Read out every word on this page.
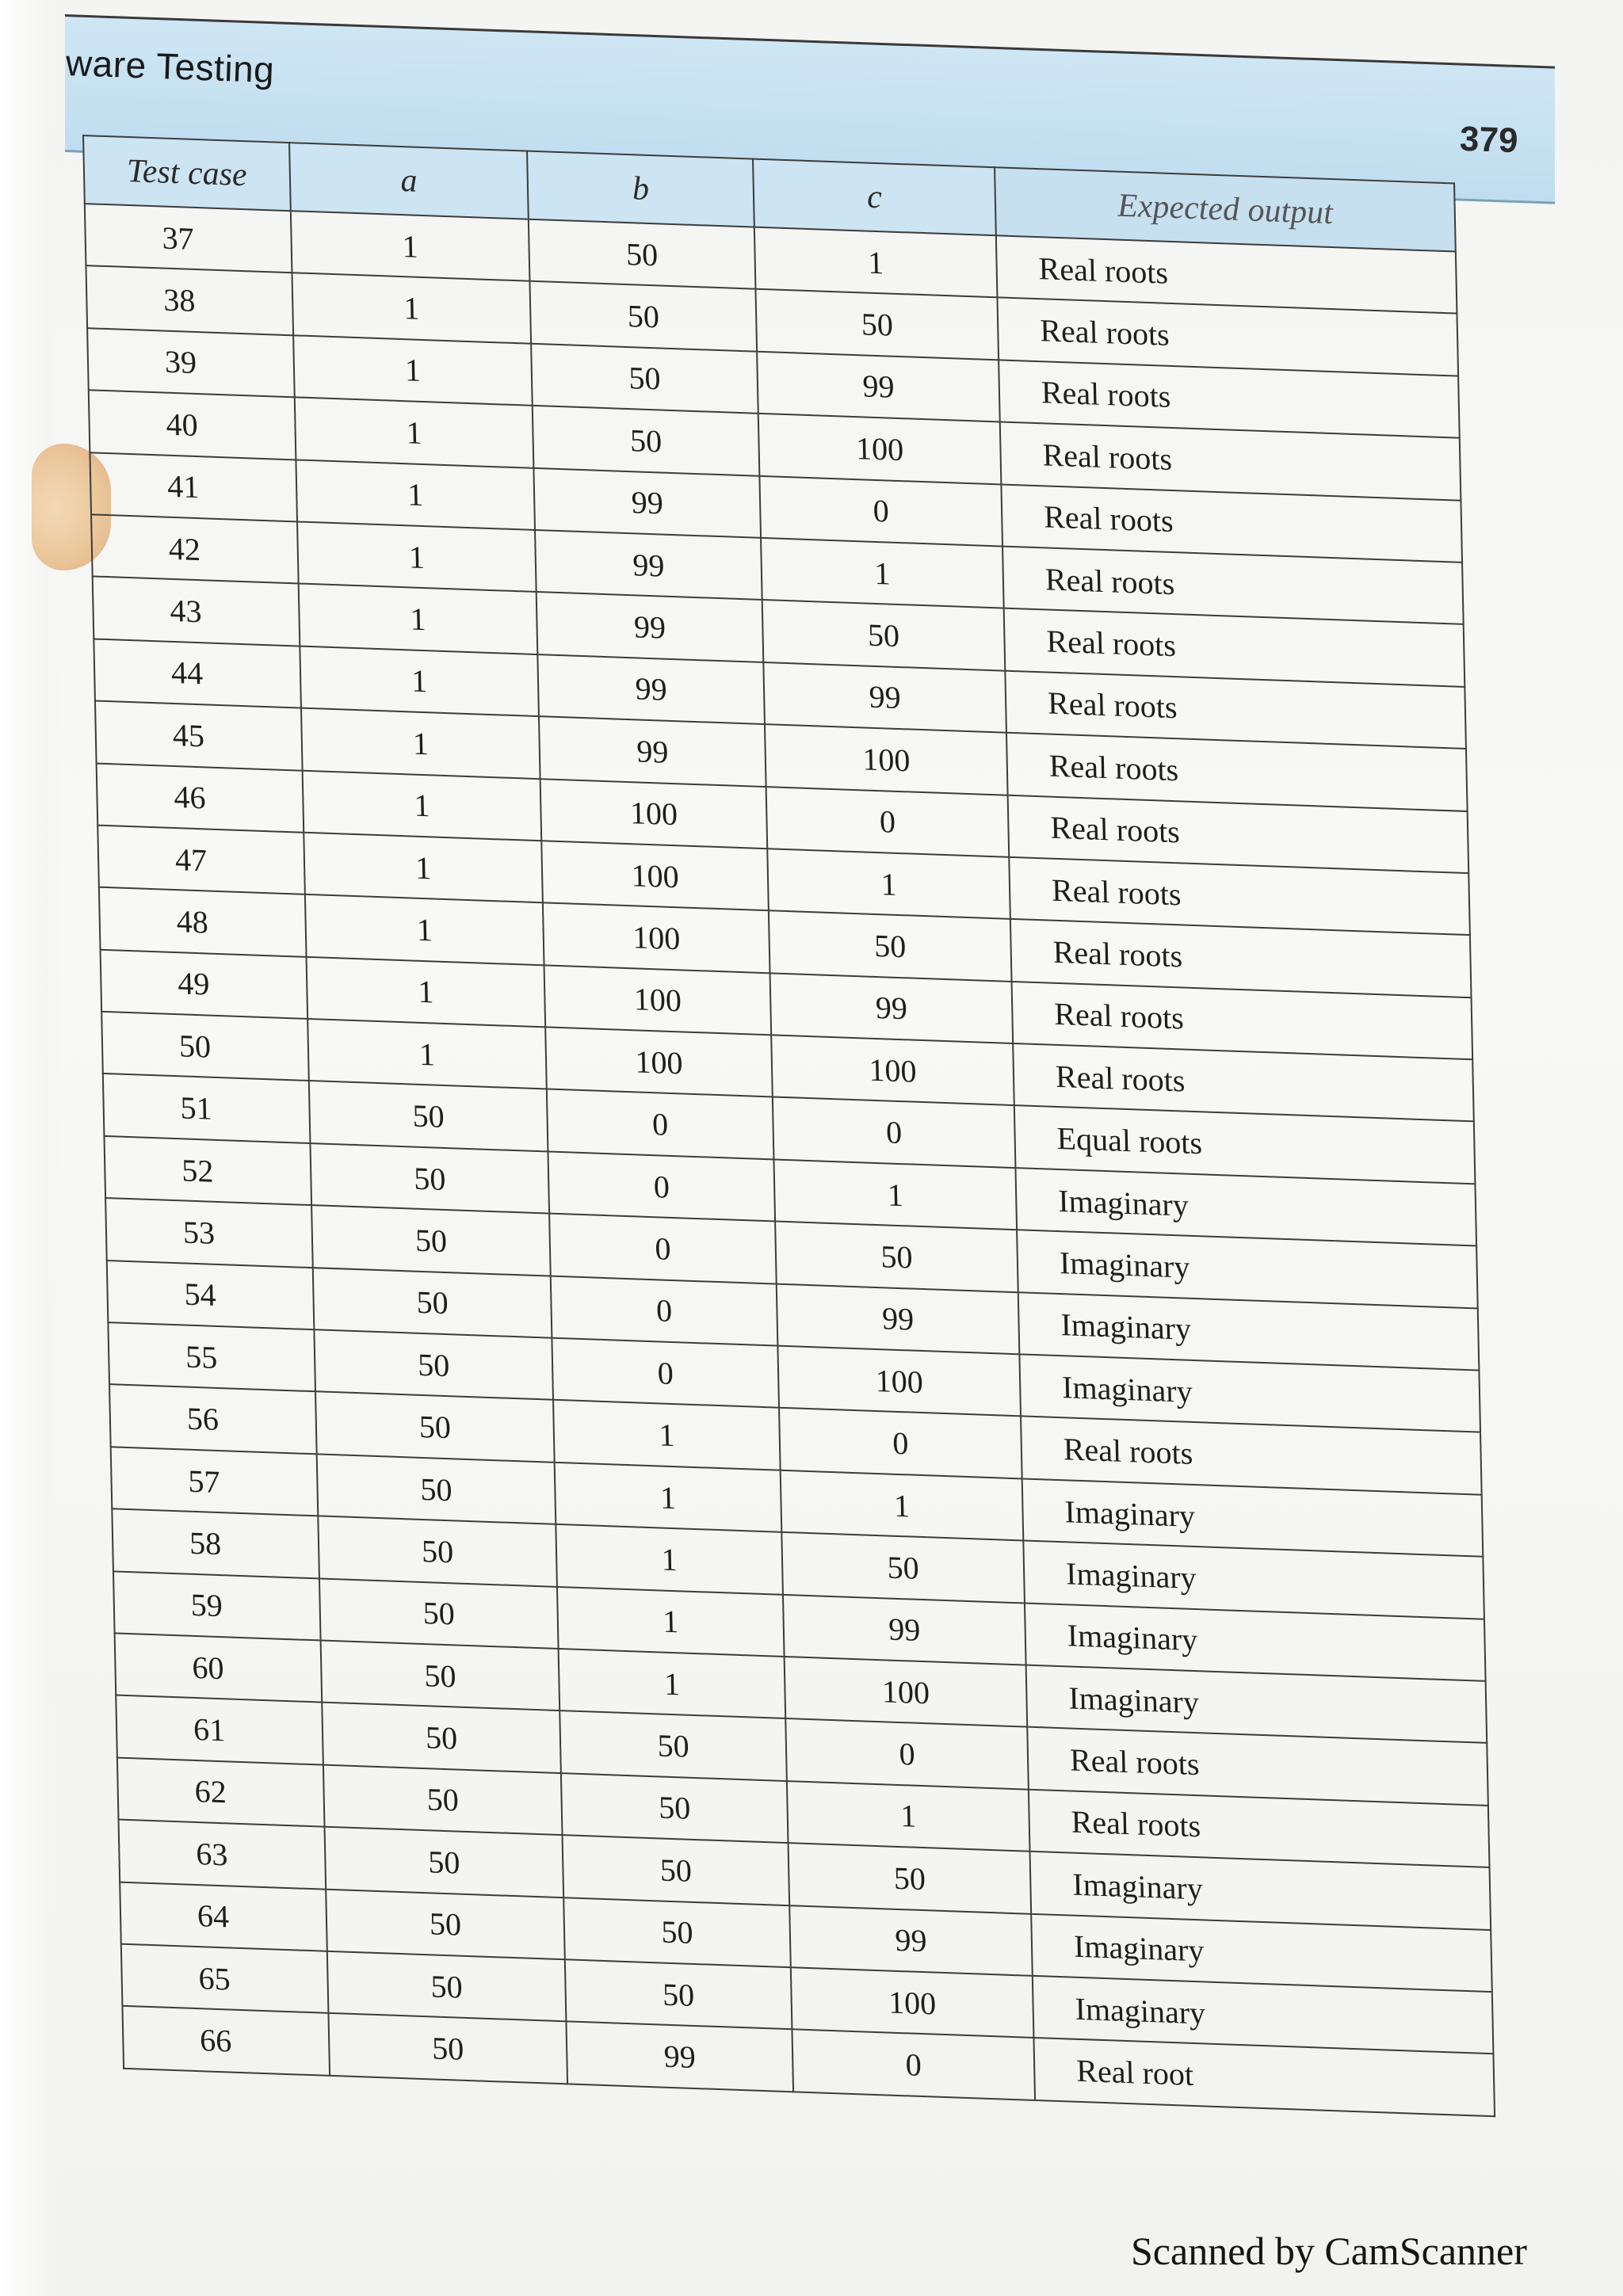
ware Testing
379
Test case	a	b	c	Expected output
37	1	50	1	Real roots
38	1	50	50	Real roots
39	1	50	99	Real roots
40	1	50	100	Real roots
41	1	99	0	Real roots
42	1	99	1	Real roots
43	1	99	50	Real roots
44	1	99	99	Real roots
45	1	99	100	Real roots
46	1	100	0	Real roots
47	1	100	1	Real roots
48	1	100	50	Real roots
49	1	100	99	Real roots
50	1	100	100	Real roots
51	50	0	0	Equal roots
52	50	0	1	Imaginary
53	50	0	50	Imaginary
54	50	0	99	Imaginary
55	50	0	100	Imaginary
56	50	1	0	Real roots
57	50	1	1	Imaginary
58	50	1	50	Imaginary
59	50	1	99	Imaginary
60	50	1	100	Imaginary
61	50	50	0	Real roots
62	50	50	1	Real roots
63	50	50	50	Imaginary
64	50	50	99	Imaginary
65	50	50	100	Imaginary
66	50	99	0	Real root
Scanned by CamScanner
